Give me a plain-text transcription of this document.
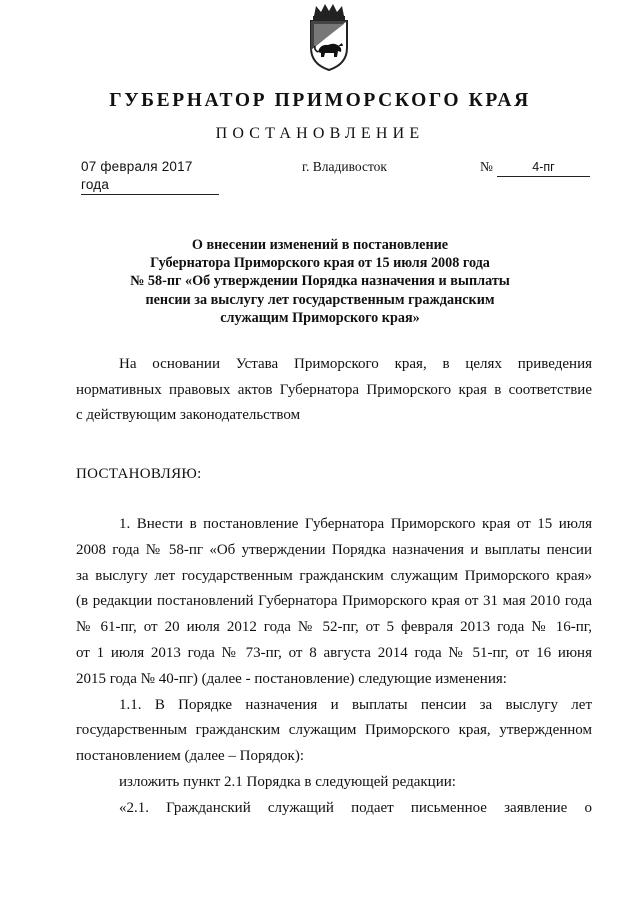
ГУБЕРНАТОР ПРИМОРСКОГО КРАЯ
ПОСТАНОВЛЕНИЕ
07 февраля 2017 года
г. Владивосток	№	4-пг
О внесении изменений в постановление
Губернатора Приморского края от 15 июля 2008 года
№ 58-пг «Об утверждении Порядка назначения и выплаты
пенсии за выслугу лет государственным гражданским
служащим Приморского края»
На основании Устава Приморского края, в целях приведения
нормативных правовых актов Губернатора Приморского края в соответствие
с действующим законодательством
ПОСТАНОВЛЯЮ:
1. Внести в постановление Губернатора Приморского края от 15 июля
2008 года № 58-пг «Об утверждении Порядка назначения и выплаты пенсии
за выслугу лет государственным гражданским служащим Приморского края»
(в редакции постановлений Губернатора Приморского края от 31 мая 2010 года
№ 61-пг, от 20 июля 2012 года № 52-пг, от 5 февраля 2013 года № 16-пг,
от 1 июля 2013 года № 73-пг, от 8 августа 2014 года № 51-пг, от 16 июня
2015 года № 40-пг) (далее - постановление) следующие изменения:
1.1. В Порядке назначения и выплаты пенсии за выслугу лет
государственным гражданским служащим Приморского края, утвержденном
постановлением (далее – Порядок):
изложить пункт 2.1 Порядка в следующей редакции:
«2.1. Гражданский служащий подает письменное заявление о
